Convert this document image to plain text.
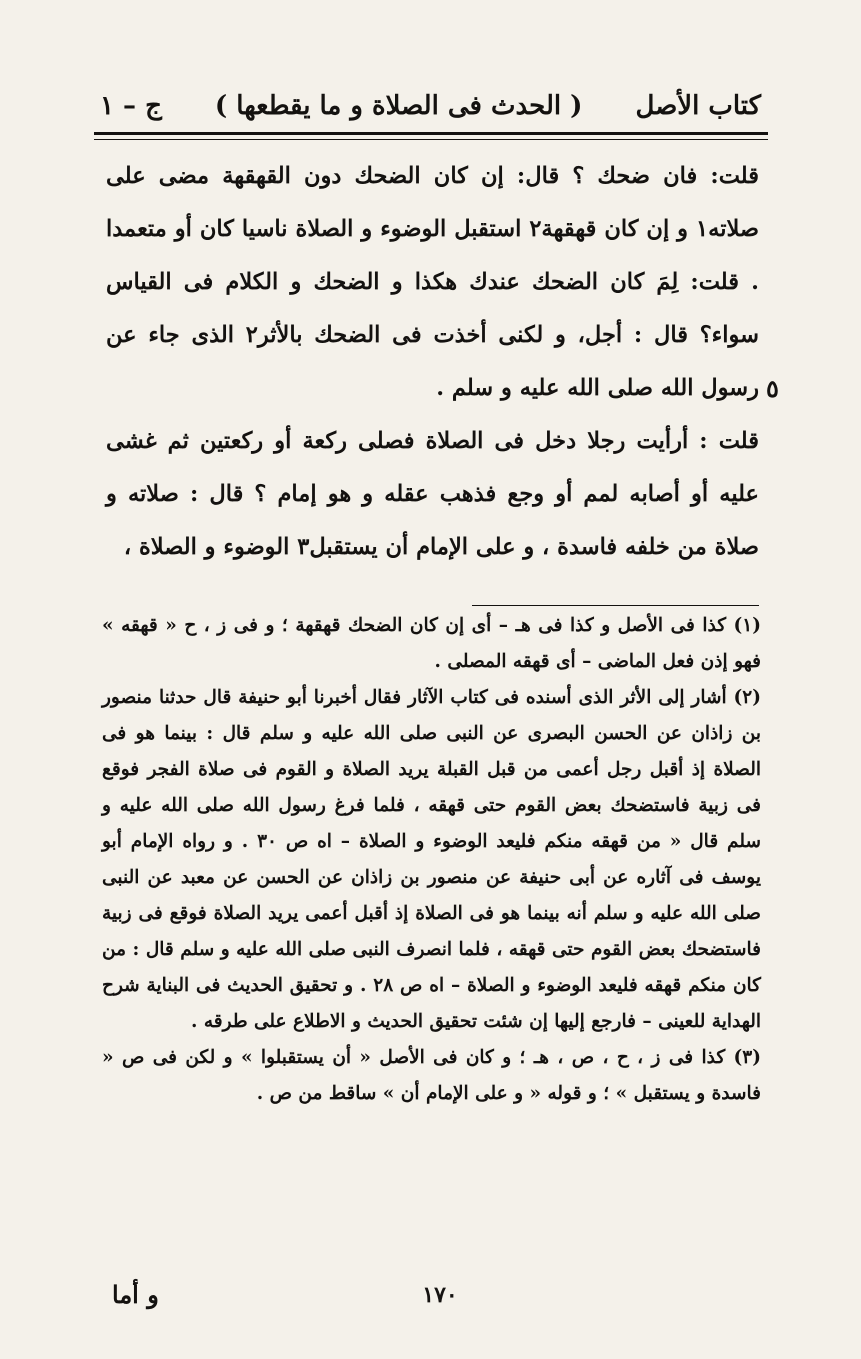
كتاب الأصل
( الحدث فى الصلاة و ما يقطعها )
ج – ١

قلت: فان ضحك ؟ قال: إن كان الضحك دون القهقهة مضى على صلاته١ و إن كان قهقهة٢ استقبل الوضوء و الصلاة ناسيا كان أو متعمدا . قلت: لِمَ كان الضحك عندك هكذا و الضحك و الكلام فى القياس سواء؟ قال : أجل، و لكنى أخذت فى الضحك بالأثر٢ الذى جاء عن رسول الله صلى الله عليه و سلم .

قلت : أرأيت رجلا دخل فى الصلاة فصلى ركعة أو ركعتين ثم غشى عليه أو أصابه لمم أو وجع فذهب عقله و هو إمام ؟ قال : صلاته و صلاة من خلفه فاسدة ، و على الإمام أن يستقبل٣ الوضوء و الصلاة ،

٥

(١) كذا فى الأصل و كذا فى هـ – أى إن كان الضحك قهقهة ؛ و فى ز ، ح « قهقه » فهو إذن فعل الماضى – أى قهقه المصلى .

(٢) أشار إلى الأثر الذى أسنده فى كتاب الآثار فقال أخبرنا أبو حنيفة قال حدثنا منصور بن زاذان عن الحسن البصرى عن النبى صلى الله عليه و سلم قال : بينما هو فى الصلاة إذ أقبل رجل أعمى من قبل القبلة يريد الصلاة و القوم فى صلاة الفجر فوقع فى زبية فاستضحك بعض القوم حتى قهقه ، فلما فرغ رسول الله صلى الله عليه و سلم قال « من قهقه منكم فليعد الوضوء و الصلاة – اه ص ٣٠ . و رواه الإمام أبو يوسف فى آثاره عن أبى حنيفة عن منصور بن زاذان عن الحسن عن معبد عن النبى صلى الله عليه و سلم أنه بينما هو فى الصلاة إذ أقبل أعمى يريد الصلاة فوقع فى زبية فاستضحك بعض القوم حتى قهقه ، فلما انصرف النبى صلى الله عليه و سلم قال : من كان منكم قهقه فليعد الوضوء و الصلاة – اه ص ٢٨ . و تحقيق الحديث فى البناية شرح الهداية للعينى – فارجع إليها إن شئت تحقيق الحديث و الاطلاع على طرقه .

(٣) كذا فى ز ، ح ، ص ، هـ ؛ و كان فى الأصل « أن يستقبلوا » و لكن فى ص « فاسدة و يستقبل » ؛ و قوله « و على الإمام أن » ساقط من ص .

١٧٠
و أما
